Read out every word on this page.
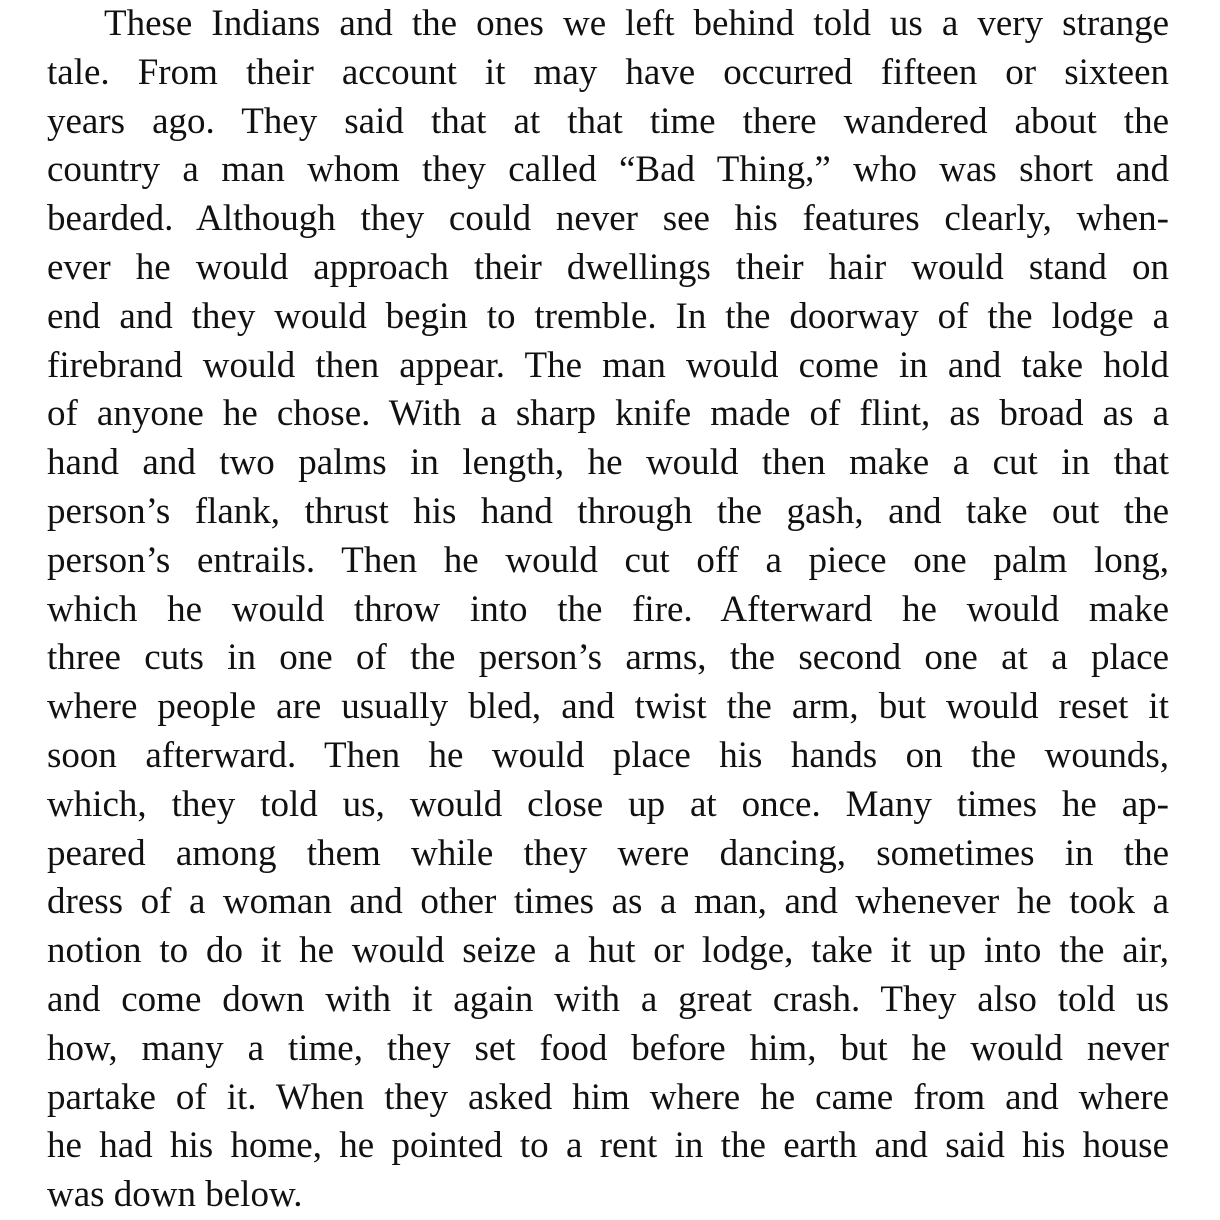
These Indians and the ones we left behind told us a very strange
tale. From their account it may have occurred fifteen or sixteen
years ago. They said that at that time there wandered about the
country a man whom they called “Bad Thing,” who was short and
bearded. Although they could never see his features clearly, when-
ever he would approach their dwellings their hair would stand on
end and they would begin to tremble. In the doorway of the lodge a
firebrand would then appear. The man would come in and take hold
of anyone he chose. With a sharp knife made of flint, as broad as a
hand and two palms in length, he would then make a cut in that
person’s flank, thrust his hand through the gash, and take out the
person’s entrails. Then he would cut off a piece one palm long,
which he would throw into the fire. Afterward he would make
three cuts in one of the person’s arms, the second one at a place
where people are usually bled, and twist the arm, but would reset it
soon afterward. Then he would place his hands on the wounds,
which, they told us, would close up at once. Many times he ap-
peared among them while they were dancing, sometimes in the
dress of a woman and other times as a man, and whenever he took a
notion to do it he would seize a hut or lodge, take it up into the air,
and come down with it again with a great crash. They also told us
how, many a time, they set food before him, but he would never
partake of it. When they asked him where he came from and where
he had his home, he pointed to a rent in the earth and said his house
was down below.
